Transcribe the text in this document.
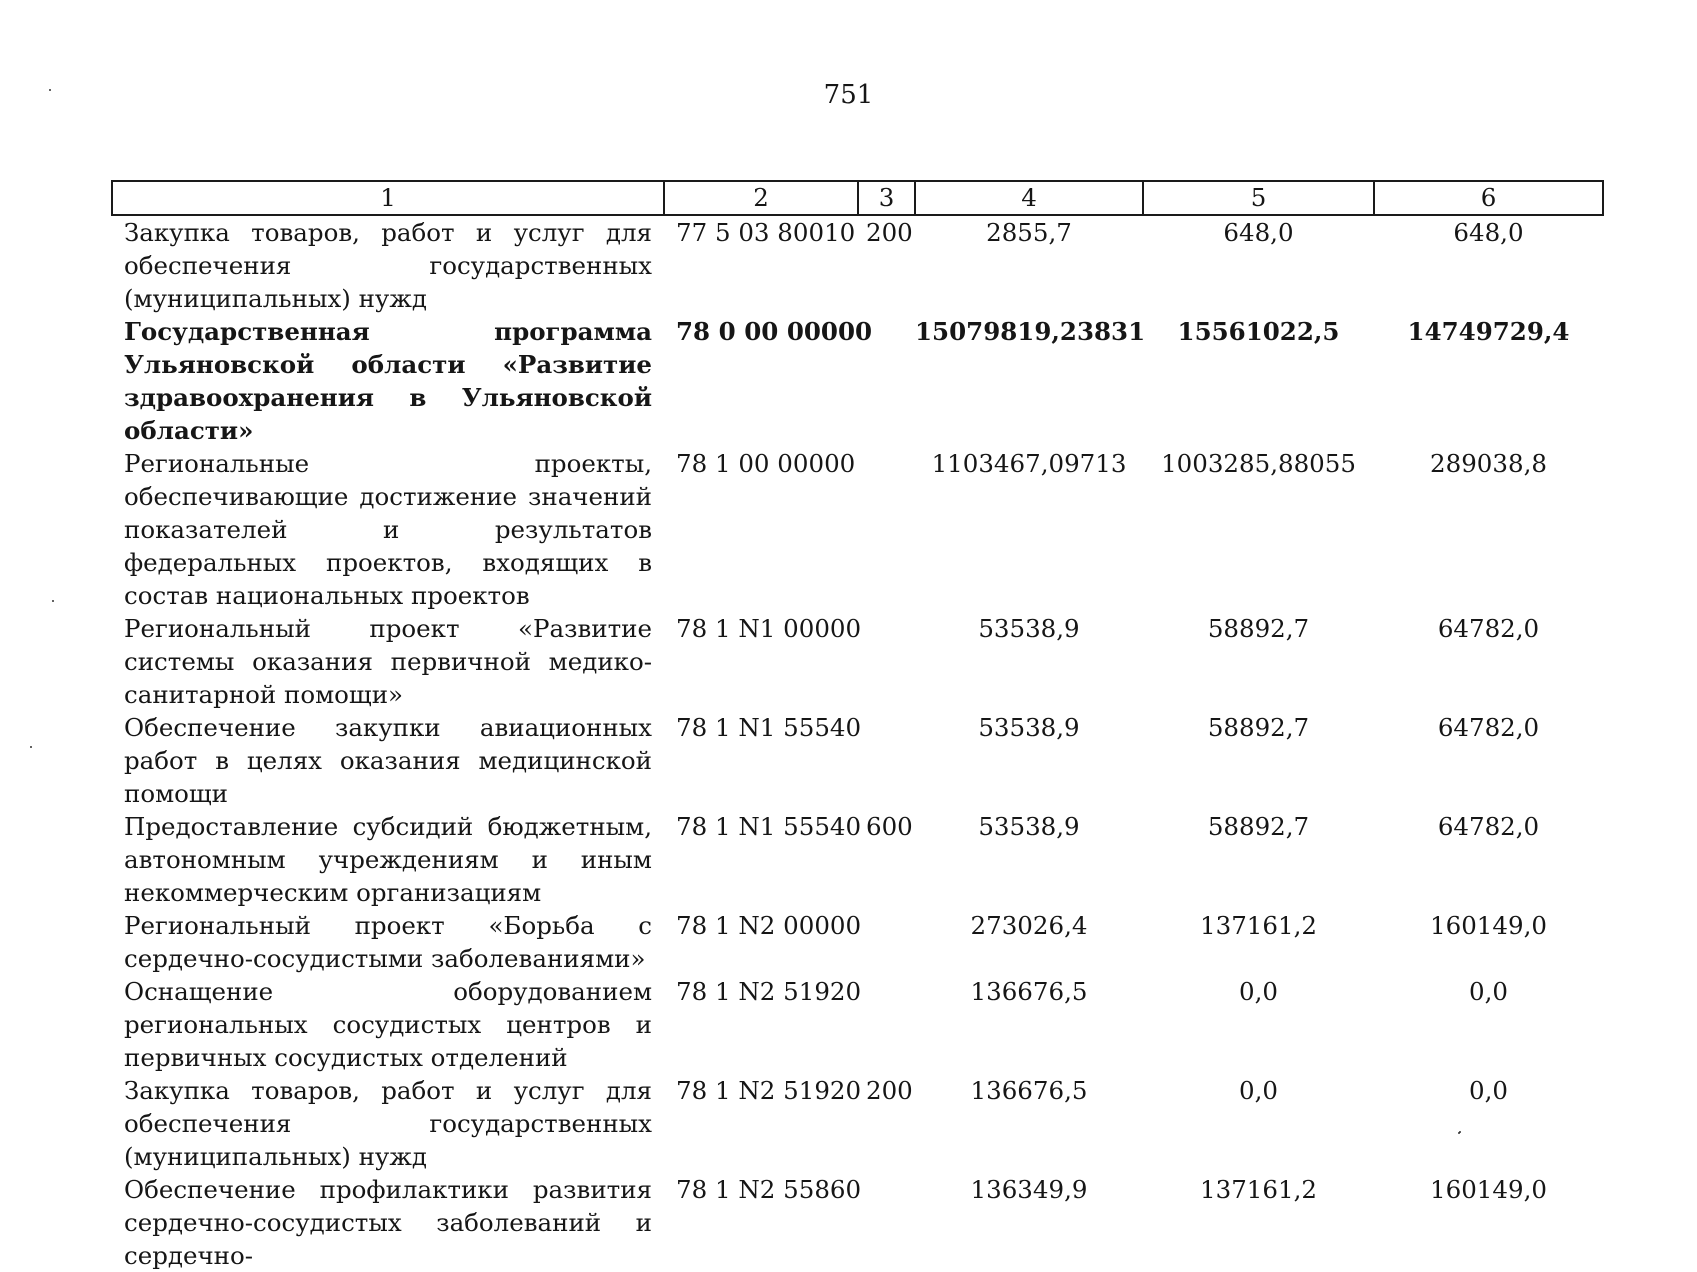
751
1	2	3	4	5	6
Закупка товаров, работ и услуг для обеспечения государственных (муниципальных) нужд	77 5 03 80010	200	2855,7	648,0	648,0
Государственная программа Ульяновской области «Развитие здравоохранения в Ульяновской области»	78 0 00 00000		15079819,23831	15561022,5	14749729,4
Региональные проекты, обеспечивающие достижение значений показателей и результатов федеральных проектов, входящих в состав национальных проектов	78 1 00 00000		1103467,09713	1003285,88055	289038,8
Региональный проект «Развитие системы оказания первичной медико-санитарной помощи»	78 1 N1 00000		53538,9	58892,7	64782,0
Обеспечение закупки авиационных работ в целях оказания медицинской помощи	78 1 N1 55540		53538,9	58892,7	64782,0
Предоставление субсидий бюджетным, автономным учреждениям и иным некоммерческим организациям	78 1 N1 55540	600	53538,9	58892,7	64782,0
Региональный проект «Борьба с сердечно-сосудистыми заболеваниями»	78 1 N2 00000		273026,4	137161,2	160149,0
Оснащение оборудованием региональных сосудистых центров и первичных сосудистых отделений	78 1 N2 51920		136676,5	0,0	0,0
Закупка товаров, работ и услуг для обеспечения государственных (муниципальных) нужд	78 1 N2 51920	200	136676,5	0,0	0,0
Обеспечение профилактики развития сердечно-сосудистых заболеваний и сердечно-	78 1 N2 55860		136349,9	137161,2	160149,0
